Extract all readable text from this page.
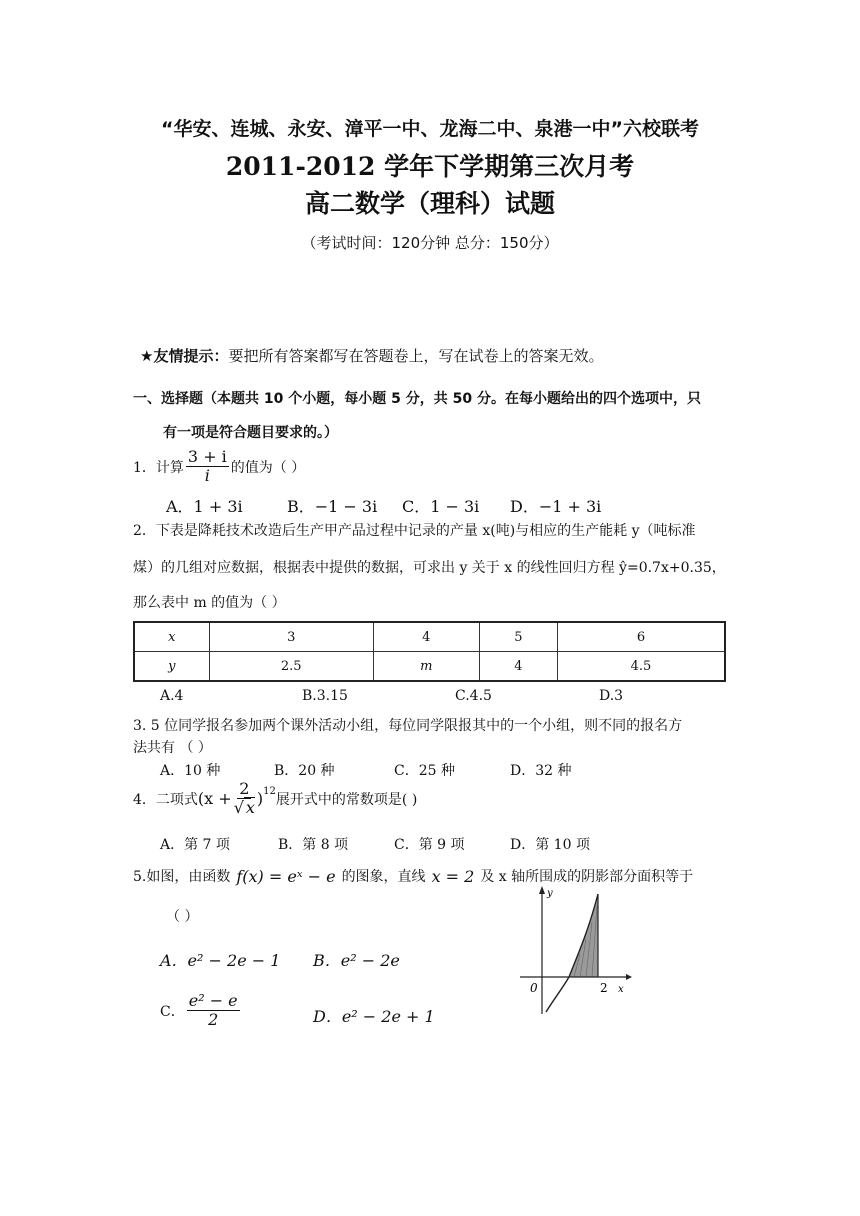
“华安、连城、永安、漳平一中、龙海二中、泉港一中”六校联考
2011-2012 学年下学期第三次月考
高二数学（理科）试题
（考试时间：120分钟 总分：150分）
★友情提示：要把所有答案都写在答题卷上，写在试卷上的答案无效。
一、选择题（本题共 10 个小题，每小题 5 分，共 50 分。在每小题给出的四个选项中，只
有一项是符合题目要求的。）
1．计算 $\frac{3 + i}{i}$ 的值为（ ）
A．1 + 3i	B．−1 − 3i C．1 − 3i D．−1 + 3i
2．下表是降耗技术改造后生产甲产品过程中记录的产量 x(吨)与相应的生产能耗 y（吨标准
煤）的几组对应数据，根据表中提供的数据，可求出 y 关于 x 的线性回归方程 ŷ=0.7x+0.35，
那么表中 m 的值为（ ）
x	3	4	5	6
y	2.5	m	4	4.5
A.4	B.3.15	C.4.5	D.3
3. 5 位同学报名参加两个课外活动小组，每位同学限报其中的一个小组，则不同的报名方
法共有 （ ）
A．10 种	B．20 种	C．25 种	D．32 种
4．二项式 ($x + \frac{2}{√ x}$ ) 12 展开式中的常数项是( )
A．第 7 项	B．第 8 项	C．第 9 项	D．第 10 项
5.如图，由函数 f(x) = eˣ − e 的图象，直线 x = 2 及 x 轴所围成的阴影部分面积等于
（ ）
A．e² − 2e − 1 B．e² − 2e
C． $\frac{\text{e² − e}}{2}$	D．e² − 2e + 1
y
x
0	2
